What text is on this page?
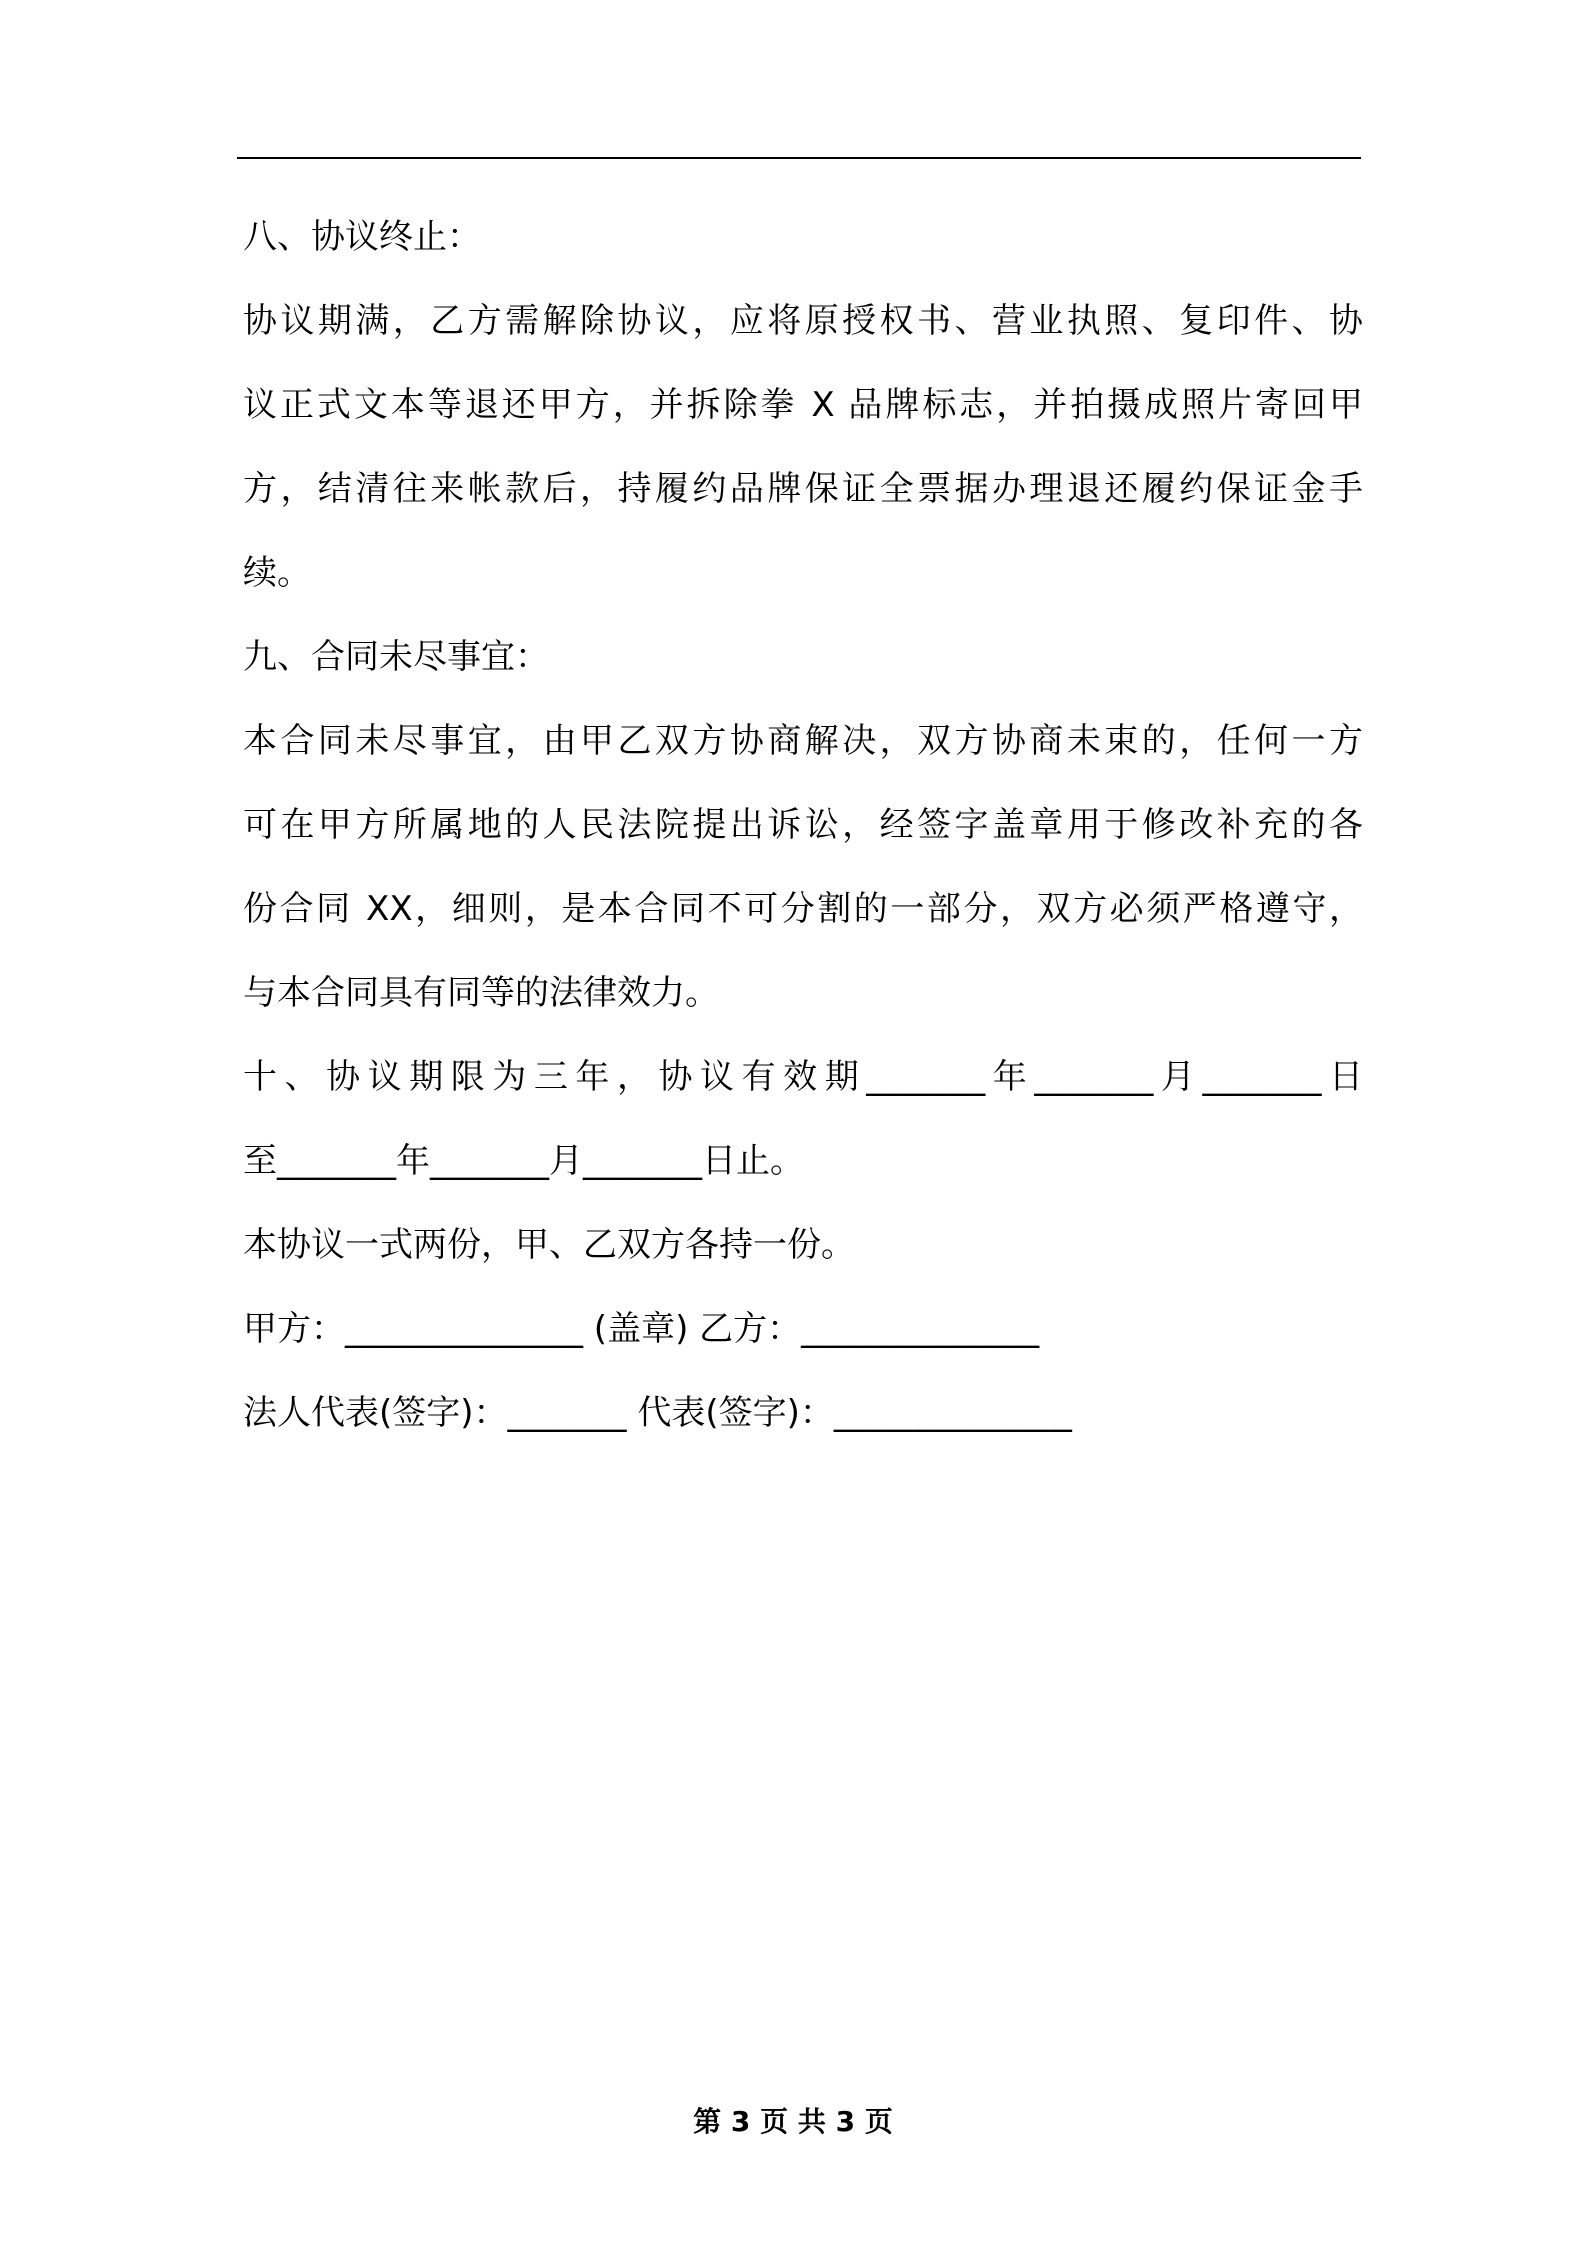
八、协议终止：
协议期满，乙方需解除协议，应将原授权书、营业执照、复印件、协
议正式文本等退还甲方，并拆除拳 X 品牌标志，并拍摄成照片寄回甲
方，结清往来帐款后，持履约品牌保证全票据办理退还履约保证金手
续。
九、合同未尽事宜：
本合同未尽事宜，由甲乙双方协商解决，双方协商未束的，任何一方
可在甲方所属地的人民法院提出诉讼，经签字盖章用于修改补充的各
份合同 XX，细则，是本合同不可分割的一部分，双方必须严格遵守，
与本合同具有同等的法律效力。
十、协议期限为三年，协议有效期_______年_______月_______日
至_______年_______月_______日止。
本协议一式两份，甲、乙双方各持一份。
甲方：______________ (盖章) 乙方：______________
法人代表(签字)：_______ 代表(签字)：______________
第 3 页 共 3 页
